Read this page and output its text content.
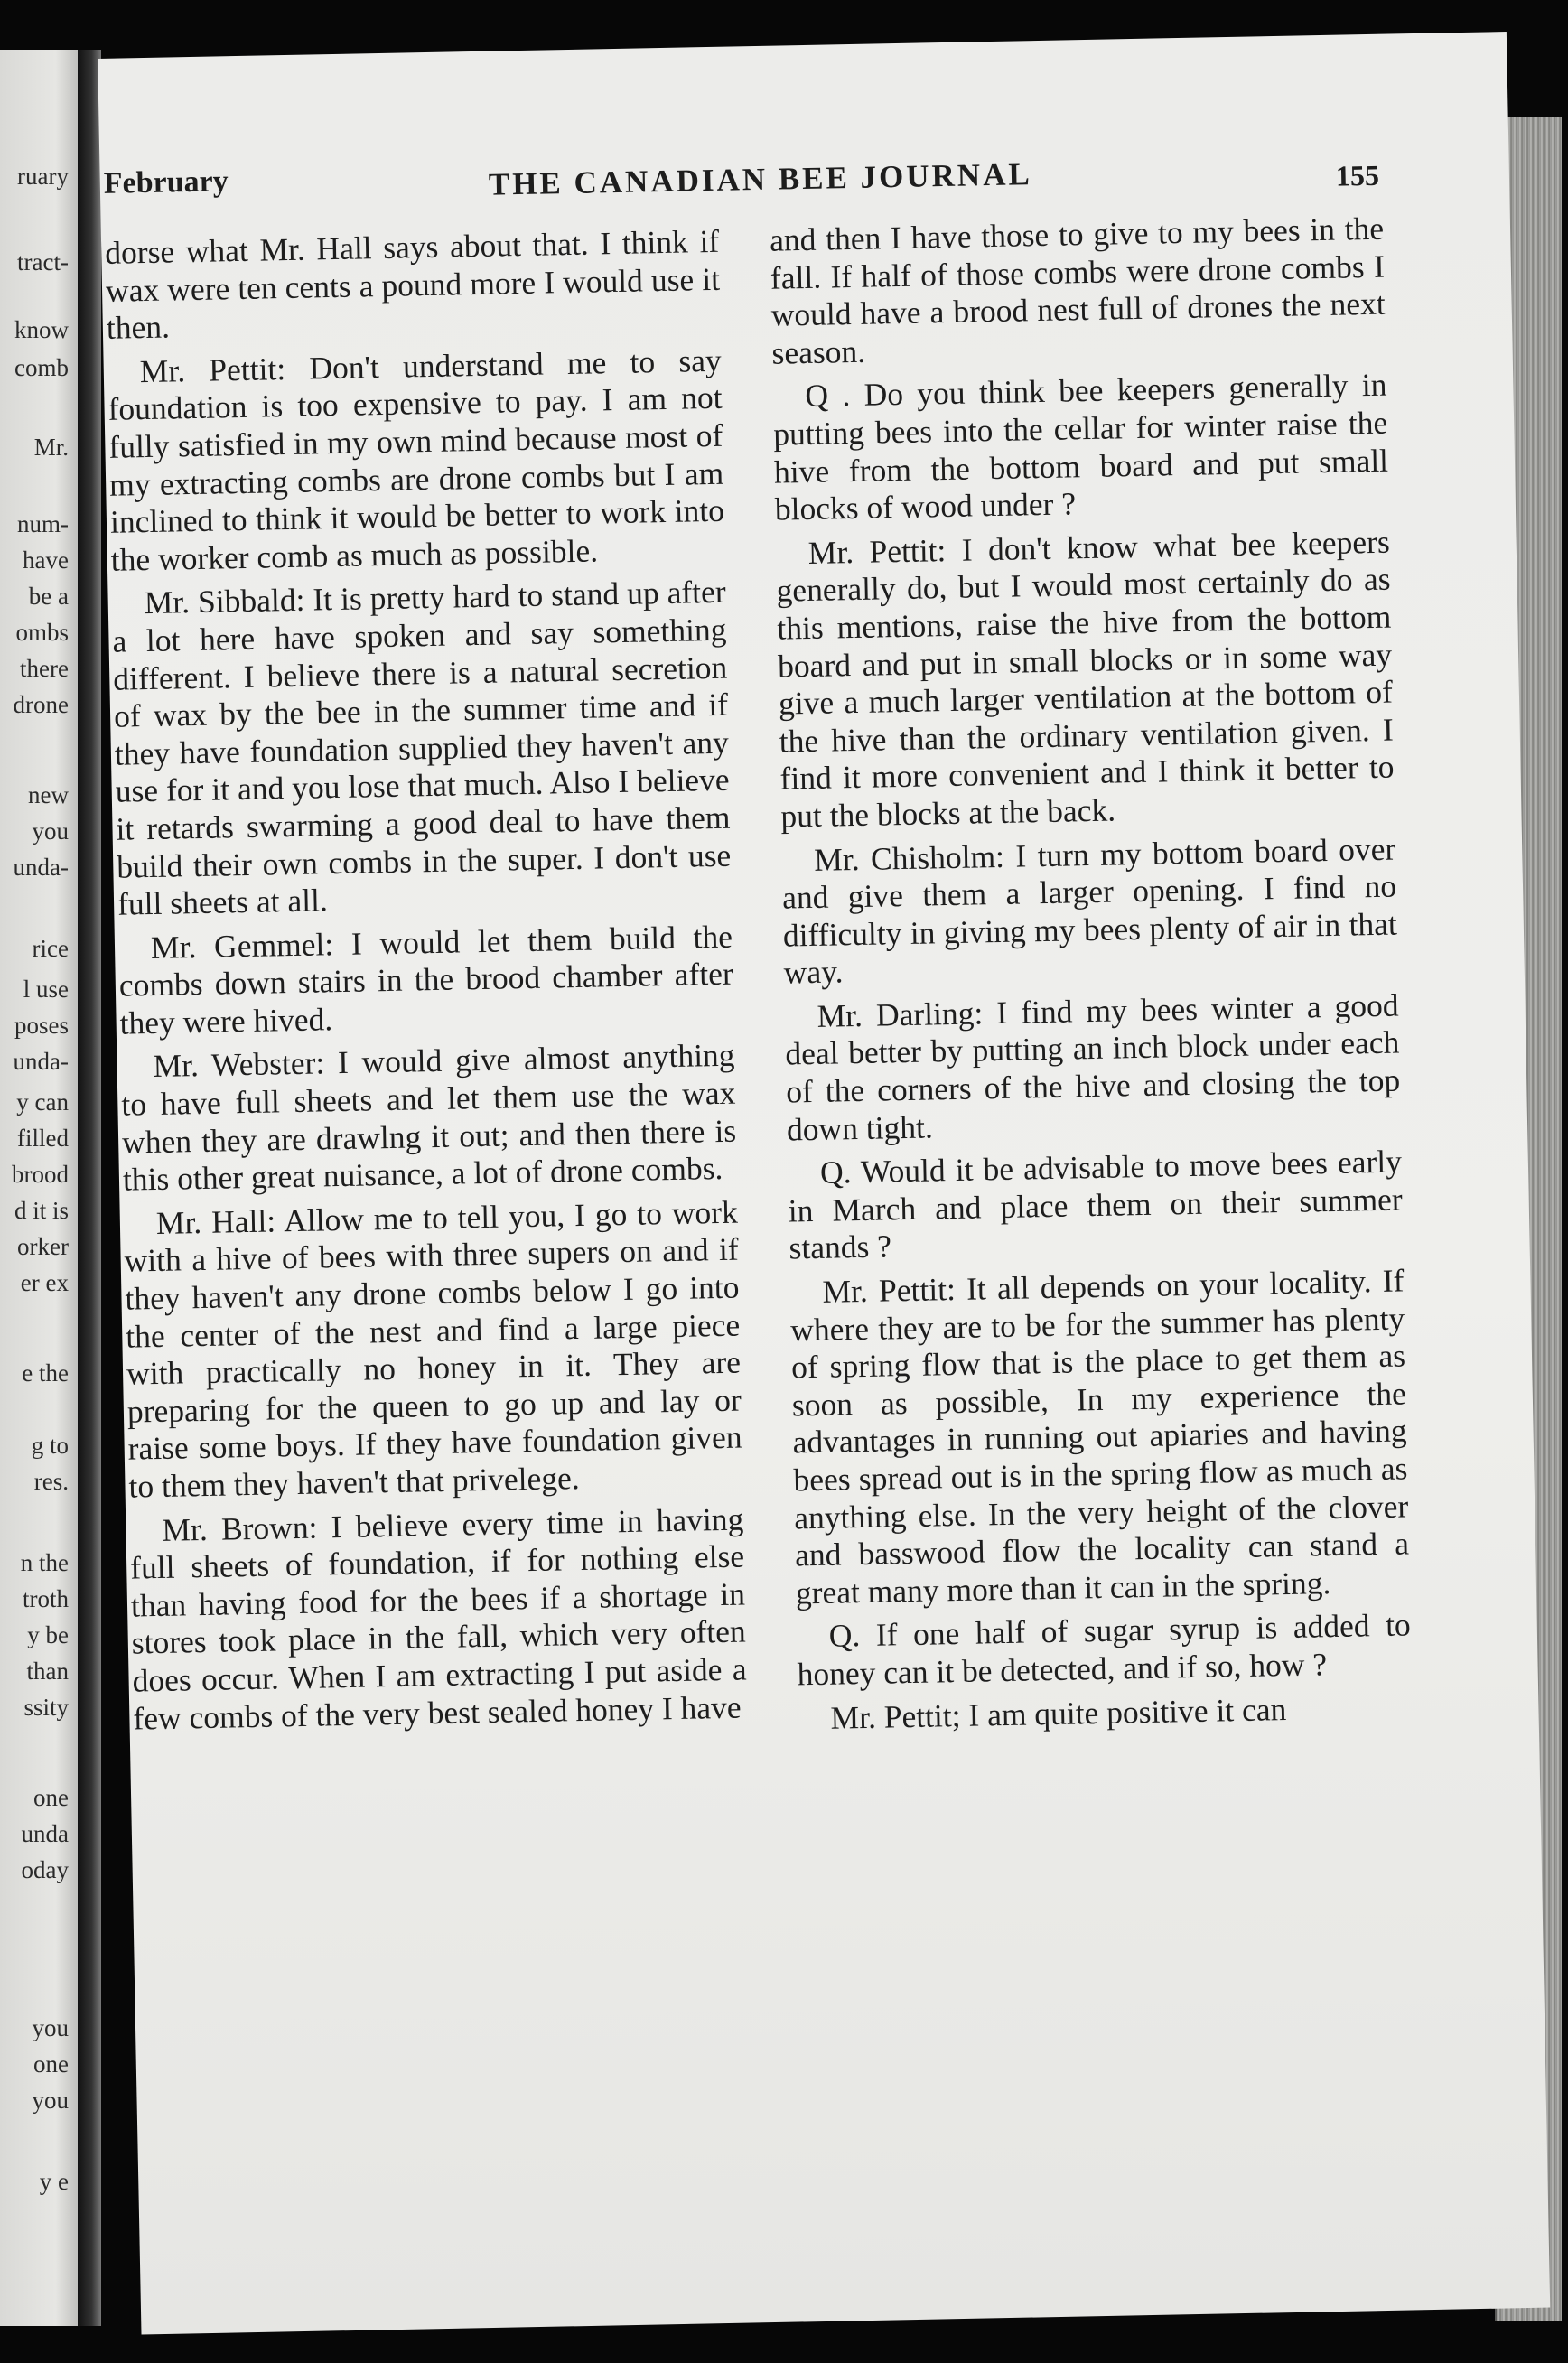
ruary
tract-
know
comb
Mr.
num-
have
be a
ombs
there
drone
new
you
unda-
rice
l use
poses
unda-
y can
filled
brood
d it is
orker
er ex
e the
g to
res.
n the
troth
y be
than
ssity
one
unda
oday
you
one
you
y e
February	THE CANADIAN BEE JOURNAL	155

dorse what Mr. Hall says about that. I think if wax were ten cents a pound more I would use it then.

Mr. Pettit: Don't understand me to say foundation is too expensive to pay. I am not fully satisfied in my own mind because most of my extracting combs are drone combs but I am inclined to think it would be better to work into the worker comb as much as possible.

Mr. Sibbald: It is pretty hard to stand up after a lot here have spoken and say something different. I believe there is a natural secretion of wax by the bee in the summer time and if they have foundation supplied they haven't any use for it and you lose that much. Also I believe it retards swarming a good deal to have them build their own combs in the super. I don't use full sheets at all.

Mr. Gemmel: I would let them build the combs down stairs in the brood chamber after they were hived.

Mr. Webster: I would give almost anything to have full sheets and let them use the wax when they are drawlng it out; and then there is this other great nuisance, a lot of drone combs.

Mr. Hall: Allow me to tell you, I go to work with a hive of bees with three supers on and if they haven't any drone combs below I go into the center of the nest and find a large piece with practically no honey in it. They are preparing for the queen to go up and lay or raise some boys. If they have foundation given to them they haven't that privelege.

Mr. Brown: I believe every time in having full sheets of foundation, if for nothing else than having food for the bees if a shortage in stores took place in the fall, which very often does occur. When I am extracting I put aside a few combs of the very best sealed honey I have

and then I have those to give to my bees in the fall. If half of those combs were drone combs I would have a brood nest full of drones the next season.

Q . Do you think bee keepers generally in putting bees into the cellar for winter raise the hive from the bottom board and put small blocks of wood under ?

Mr. Pettit: I don't know what bee keepers generally do, but I would most certainly do as this mentions, raise the hive from the bottom board and put in small blocks or in some way give a much larger ventilation at the bottom of the hive than the ordinary ventilation given. I find it more convenient and I think it better to put the blocks at the back.

Mr. Chisholm: I turn my bottom board over and give them a larger opening. I find no difficulty in giving my bees plenty of air in that way.

Mr. Darling: I find my bees winter a good deal better by putting an inch block under each of the corners of the hive and closing the top down tight.

Q. Would it be advisable to move bees early in March and place them on their summer stands ?

Mr. Pettit: It all depends on your locality. If where they are to be for the summer has plenty of spring flow that is the place to get them as soon as possible, In my experience the advantages in running out apiaries and having bees spread out is in the spring flow as much as anything else. In the very height of the clover and basswood flow the locality can stand a great many more than it can in the spring.

Q. If one half of sugar syrup is added to honey can it be detected, and if so, how ?

Mr. Pettit; I am quite positive it can
